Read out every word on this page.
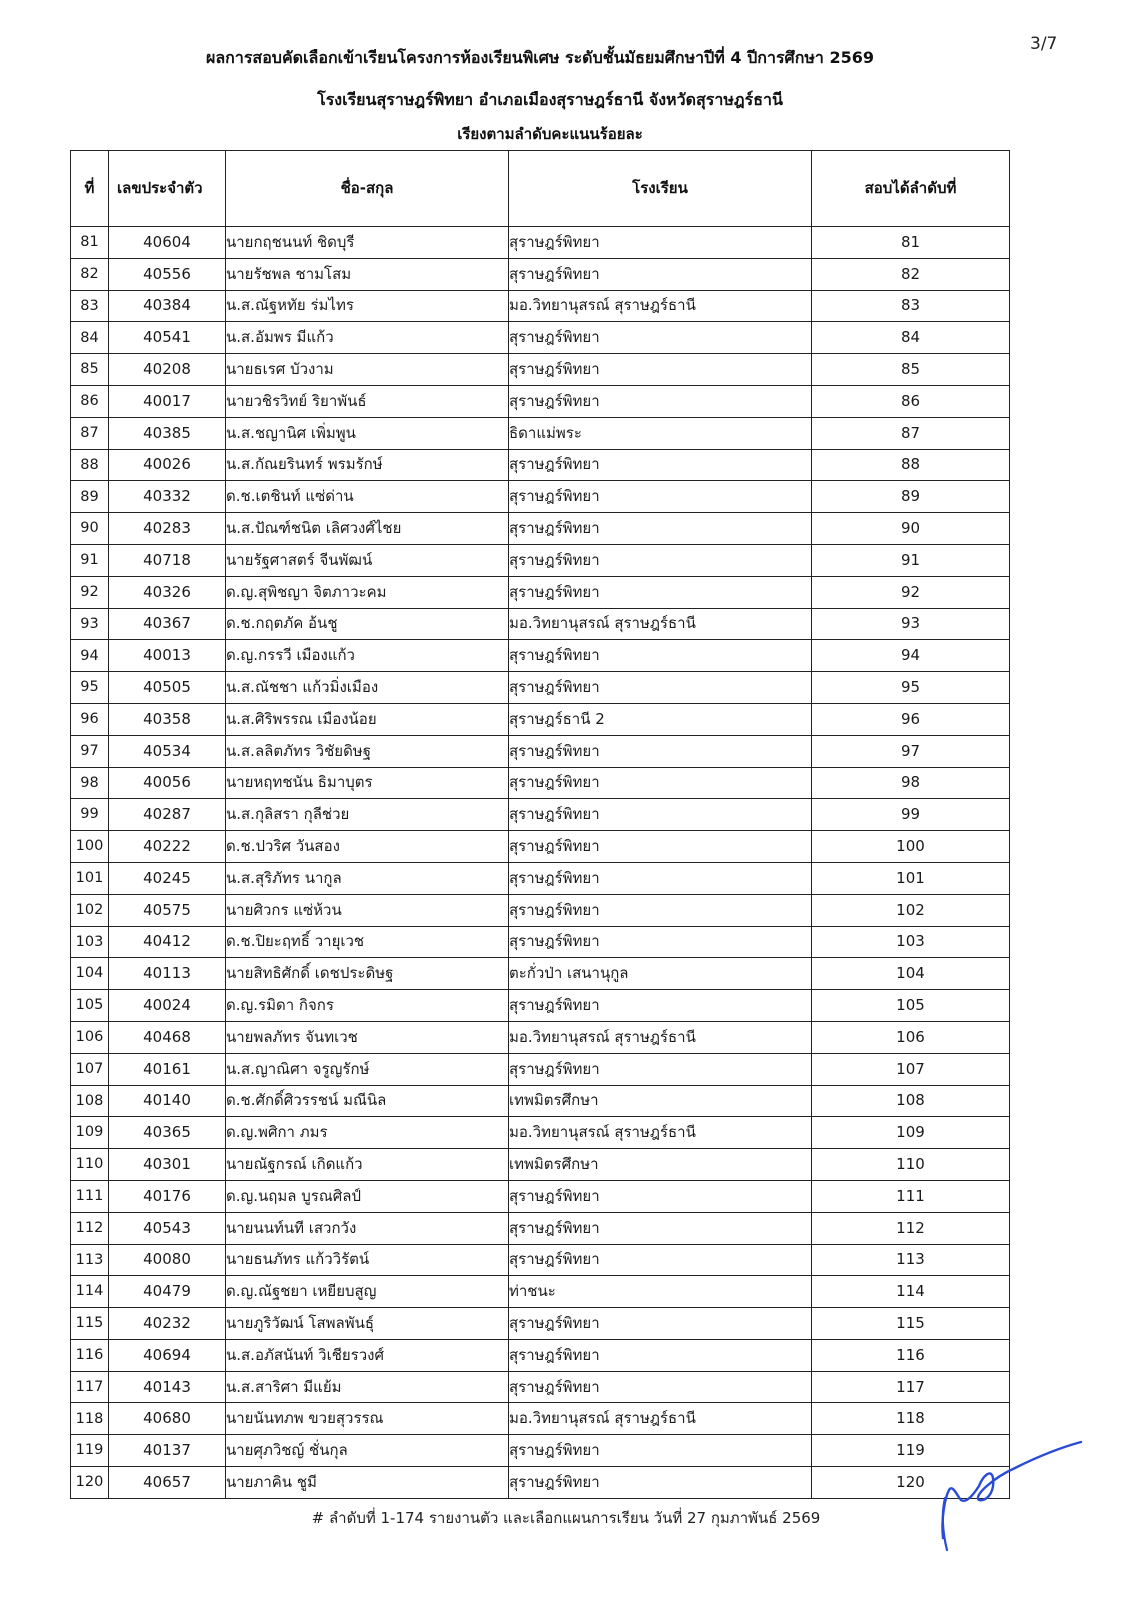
3/7
ผลการสอบคัดเลือกเข้าเรียนโครงการห้องเรียนพิเศษ ระดับชั้นมัธยมศึกษาปีที่ 4 ปีการศึกษา 2569
โรงเรียนสุราษฎร์พิทยา อำเภอเมืองสุราษฎร์ธานี จังหวัดสุราษฎร์ธานี
เรียงตามลำดับคะแนนร้อยละ
ที่	เลขประจำตัว	ชื่อ-สกุล	โรงเรียน	สอบได้ลำดับที่
81	40604	นายกฤชนนท์ ชิดบุรี	สุราษฎร์พิทยา	81
82	40556	นายรัชพล ชามโสม	สุราษฎร์พิทยา	82
83	40384	น.ส.ณัฐหทัย ร่มไทร	มอ.วิทยานุสรณ์ สุราษฎร์ธานี	83
84	40541	น.ส.อัมพร มีแก้ว	สุราษฎร์พิทยา	84
85	40208	นายธเรศ บัวงาม	สุราษฎร์พิทยา	85
86	40017	นายวชิรวิทย์ ริยาพันธ์	สุราษฎร์พิทยา	86
87	40385	น.ส.ชญานิศ เพิ่มพูน	ธิดาแม่พระ	87
88	40026	น.ส.กัณยรินทร์ พรมรักษ์	สุราษฎร์พิทยา	88
89	40332	ด.ช.เตชินท์ แซ่ด่าน	สุราษฎร์พิทยา	89
90	40283	น.ส.ปัณฑ์ชนิต เลิศวงศ์ไชย	สุราษฎร์พิทยา	90
91	40718	นายรัฐศาสตร์ จีนพัฒน์	สุราษฎร์พิทยา	91
92	40326	ด.ญ.สุพิชญา จิตภาวะคม	สุราษฎร์พิทยา	92
93	40367	ด.ช.กฤตภัค อ้นชู	มอ.วิทยานุสรณ์ สุราษฎร์ธานี	93
94	40013	ด.ญ.กรรวี เมืองแก้ว	สุราษฎร์พิทยา	94
95	40505	น.ส.ณัชชา แก้วมิ่งเมือง	สุราษฎร์พิทยา	95
96	40358	น.ส.ศิริพรรณ เมืองน้อย	สุราษฎร์ธานี 2	96
97	40534	น.ส.ลลิตภัทร วิชัยดิษฐ	สุราษฎร์พิทยา	97
98	40056	นายหฤทชนัน ธิมาบุตร	สุราษฎร์พิทยา	98
99	40287	น.ส.กุลิสรา กุลีช่วย	สุราษฎร์พิทยา	99
100	40222	ด.ช.ปวริศ วันสอง	สุราษฎร์พิทยา	100
101	40245	น.ส.สุริภัทร นากูล	สุราษฎร์พิทยา	101
102	40575	นายศิวกร แซ่ห้วน	สุราษฎร์พิทยา	102
103	40412	ด.ช.ปิยะฤทธิ์ วายุเวช	สุราษฎร์พิทยา	103
104	40113	นายสิทธิศักดิ์ เดชประดิษฐ	ตะกั่วป่า เสนานุกูล	104
105	40024	ด.ญ.รมิดา กิจกร	สุราษฎร์พิทยา	105
106	40468	นายพลภัทร จันทเวช	มอ.วิทยานุสรณ์ สุราษฎร์ธานี	106
107	40161	น.ส.ญาณิศา จรูญรักษ์	สุราษฎร์พิทยา	107
108	40140	ด.ช.ศักดิ์ศิวรรชน์ มณีนิล	เทพมิตรศึกษา	108
109	40365	ด.ญ.พศิกา ภมร	มอ.วิทยานุสรณ์ สุราษฎร์ธานี	109
110	40301	นายณัฐกรณ์ เกิดแก้ว	เทพมิตรศึกษา	110
111	40176	ด.ญ.นฤมล บูรณศิลป์	สุราษฎร์พิทยา	111
112	40543	นายนนท์นที เสวกวัง	สุราษฎร์พิทยา	112
113	40080	นายธนภัทร แก้ววิรัตน์	สุราษฎร์พิทยา	113
114	40479	ด.ญ.ณัฐชยา เหยียบสูญ	ท่าชนะ	114
115	40232	นายภูริวัฒน์ โสพลพันธุ์	สุราษฎร์พิทยา	115
116	40694	น.ส.อภัสนันท์ วิเชียรวงศ์	สุราษฎร์พิทยา	116
117	40143	น.ส.สาริศา มีแย้ม	สุราษฎร์พิทยา	117
118	40680	นายนันทภพ ขวยสุวรรณ	มอ.วิทยานุสรณ์ สุราษฎร์ธานี	118
119	40137	นายศุภวิชญ์ ชั่นกุล	สุราษฎร์พิทยา	119
120	40657	นายภาคิน ชูมี	สุราษฎร์พิทยา	120
# ลำดับที่ 1-174 รายงานตัว และเลือกแผนการเรียน วันที่ 27 กุมภาพันธ์ 2569
